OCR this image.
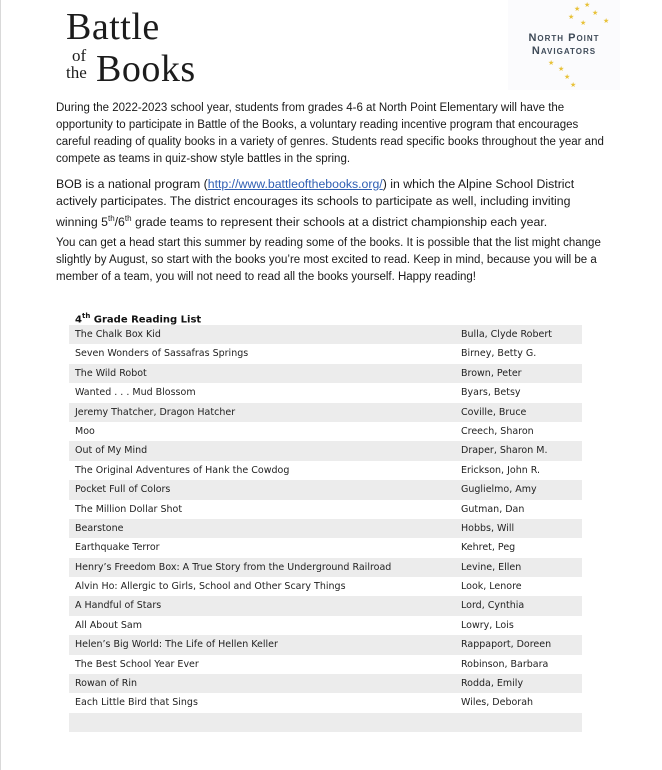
Battle
of
the Books
★
★
★
★
★
★
North Point
Navigators
★
★
★
★

During the 2022-2023 school year, students from grades 4-6 at North Point Elementary will have the opportunity to participate in Battle of the Books, a voluntary reading incentive program that encourages careful reading of quality books in a variety of genres. Students read specific books throughout the year and compete as teams in quiz-show style battles in the spring.

BOB is a national program (http://www.battleofthebooks.org/) in which the Alpine School District actively participates. The district encourages its schools to participate as well, including inviting winning 5th/6th grade teams to represent their schools at a district championship each year.

You can get a head start this summer by reading some of the books. It is possible that the list might change slightly by August, so start with the books you’re most excited to read. Keep in mind, because you will be a member of a team, you will not need to read all the books yourself. Happy reading!

4th Grade Reading List
The Chalk Box Kid	Bulla, Clyde Robert
Seven Wonders of Sassafras Springs	Birney, Betty G.
The Wild Robot	Brown, Peter
Wanted . . . Mud Blossom	Byars, Betsy
Jeremy Thatcher, Dragon Hatcher	Coville, Bruce
Moo	Creech, Sharon
Out of My Mind	Draper, Sharon M.
The Original Adventures of Hank the Cowdog	Erickson, John R.
Pocket Full of Colors	Guglielmo, Amy
The Million Dollar Shot	Gutman, Dan
Bearstone	Hobbs, Will
Earthquake Terror	Kehret, Peg
Henry’s Freedom Box: A True Story from the Underground Railroad	Levine, Ellen
Alvin Ho: Allergic to Girls, School and Other Scary Things	Look, Lenore
A Handful of Stars	Lord, Cynthia
All About Sam	Lowry, Lois
Helen’s Big World: The Life of Hellen Keller	Rappaport, Doreen
The Best School Year Ever	Robinson, Barbara
Rowan of Rin	Rodda, Emily
Each Little Bird that Sings	Wiles, Deborah
